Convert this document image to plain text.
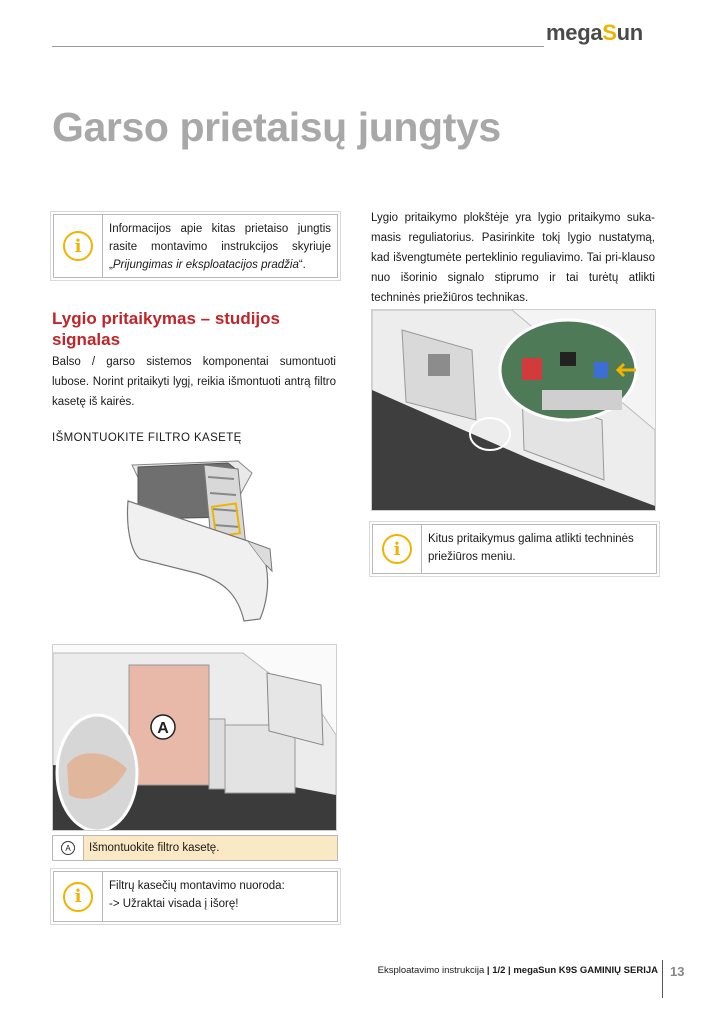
megaSun
Garso prietaisų jungtys
i
Informacijos apie kitas prietaiso jungtis rasite montavimo instrukcijos skyriuje „Prijungimas ir eksploatacijos pradžia“.
Lygio pritaikymas – studijos signalas

Balso / garso sistemos komponentai sumontuoti lubose. Norint pritaikyti lygį, reikia išmontuoti antrą filtro kasetę iš kairės.

IŠMONTUOKITE FILTRO KASETĘ
A
A	Išmontuokite filtro kasetę.
i	Filtrų kasečių montavimo nuoroda:
-> Užraktai visada į išorę!

Lygio pritaikymo plokštėje yra lygio pritaikymo suka-masis reguliatorius. Pasirinkite tokį lygio nustatymą, kad išvengtumėte perteklinio reguliavimo. Tai pri-klauso nuo išorinio signalo stiprumo ir tai turėtų atlikti techninės priežiūros technikas.

i	Kitus pritaikymus galima atlikti techninės priežiūros meniu.
Eksploatavimo instrukcija | 1/2 | megaSun K9S GAMINIŲ SERIJA 13
